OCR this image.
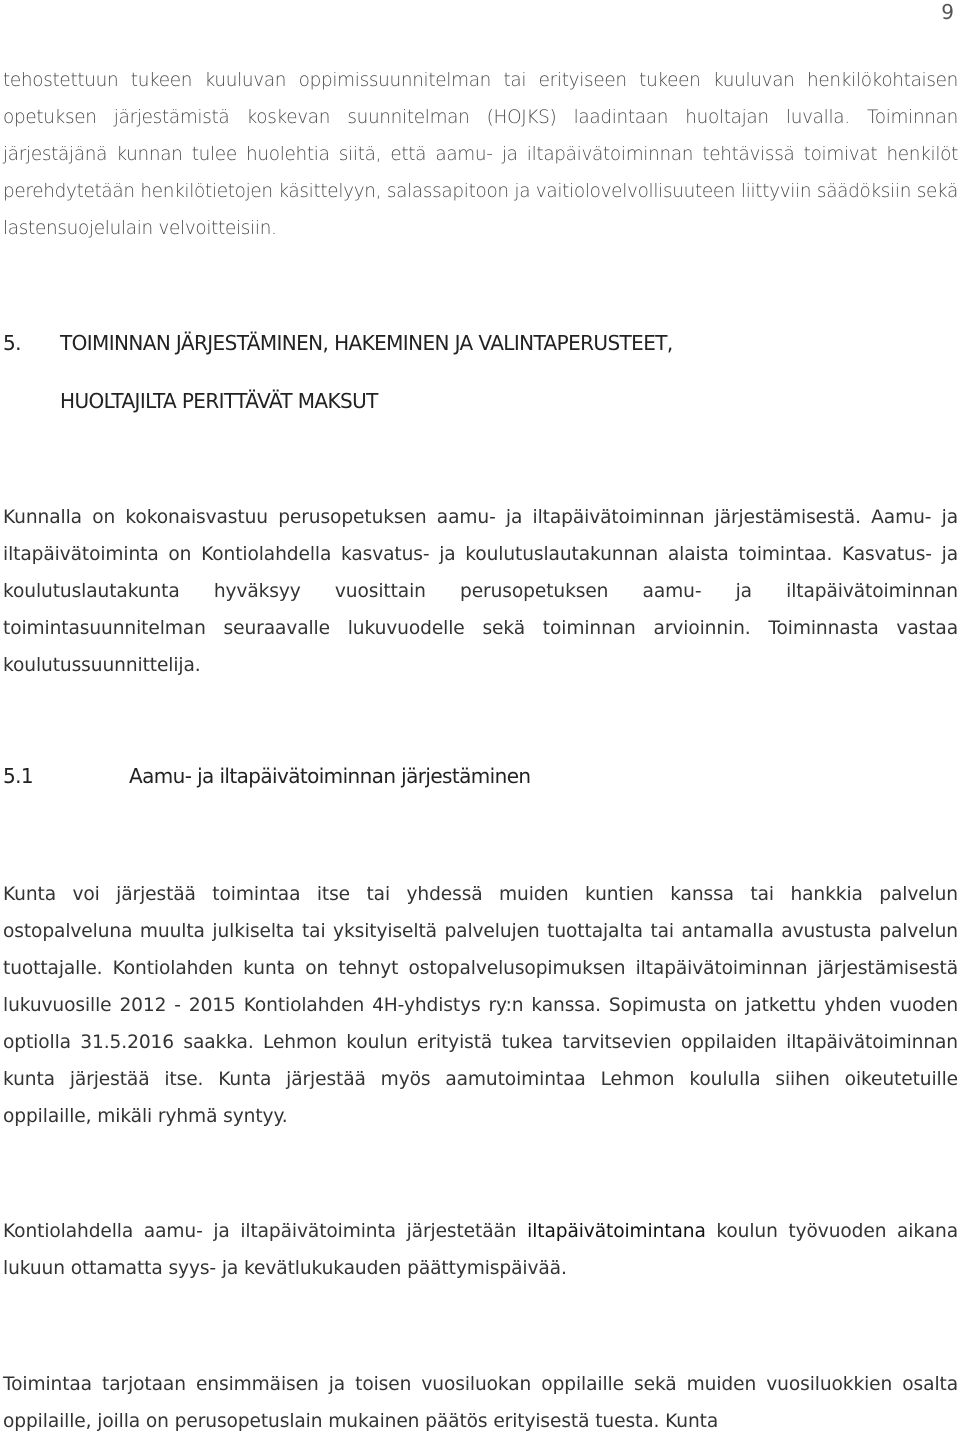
9

tehostettuun tukeen kuuluvan oppimissuunnitelman tai erityiseen tukeen kuuluvan henkilökohtaisen opetuksen järjestämistä koskevan suunnitelman (HOJKS) laadintaan huoltajan luvalla. Toiminnan järjestäjänä kunnan tulee huolehtia siitä, että aamu- ja iltapäivätoiminnan tehtävissä toimivat henkilöt perehdytetään henkilötietojen käsittelyyn, salassapitoon ja vaitiolovelvollisuuteen liittyviin säädöksiin sekä lastensuojelulain velvoitteisiin.

5. TOIMINNAN JÄRJESTÄMINEN, HAKEMINEN JA VALINTAPERUSTEET,
HUOLTAJILTA PERITTÄVÄT MAKSUT

Kunnalla on kokonaisvastuu perusopetuksen aamu- ja iltapäivätoiminnan järjestämisestä. Aamu- ja iltapäivätoiminta on Kontiolahdella kasvatus- ja koulutuslautakunnan alaista toimintaa. Kasvatus- ja koulutuslautakunta hyväksyy vuosittain perusopetuksen aamu- ja iltapäivätoiminnan toimintasuunnitelman seuraavalle lukuvuodelle sekä toiminnan arvioinnin. Toiminnasta vastaa koulutussuunnittelija.

5.1	Aamu- ja iltapäivätoiminnan järjestäminen

Kunta voi järjestää toimintaa itse tai yhdessä muiden kuntien kanssa tai hankkia palvelun ostopalveluna muulta julkiselta tai yksityiseltä palvelujen tuottajalta tai antamalla avustusta palvelun tuottajalle. Kontiolahden kunta on tehnyt ostopalvelusopimuksen iltapäivätoiminnan järjestämisestä lukuvuosille 2012 - 2015 Kontiolahden 4H-yhdistys ry:n kanssa. Sopimusta on jatkettu yhden vuoden optiolla 31.5.2016 saakka. Lehmon koulun erityistä tukea tarvitsevien oppilaiden iltapäivätoiminnan kunta järjestää itse. Kunta järjestää myös aamutoimintaa Lehmon koululla siihen oikeutetuille oppilaille, mikäli ryhmä syntyy.

Kontiolahdella aamu- ja iltapäivätoiminta järjestetään iltapäivätoimintana koulun työvuoden aikana lukuun ottamatta syys- ja kevätlukukauden päättymispäivää.

Toimintaa tarjotaan ensimmäisen ja toisen vuosiluokan oppilaille sekä muiden vuosiluokkien osalta oppilaille, joilla on perusopetuslain mukainen päätös erityisestä tuesta. Kunta
